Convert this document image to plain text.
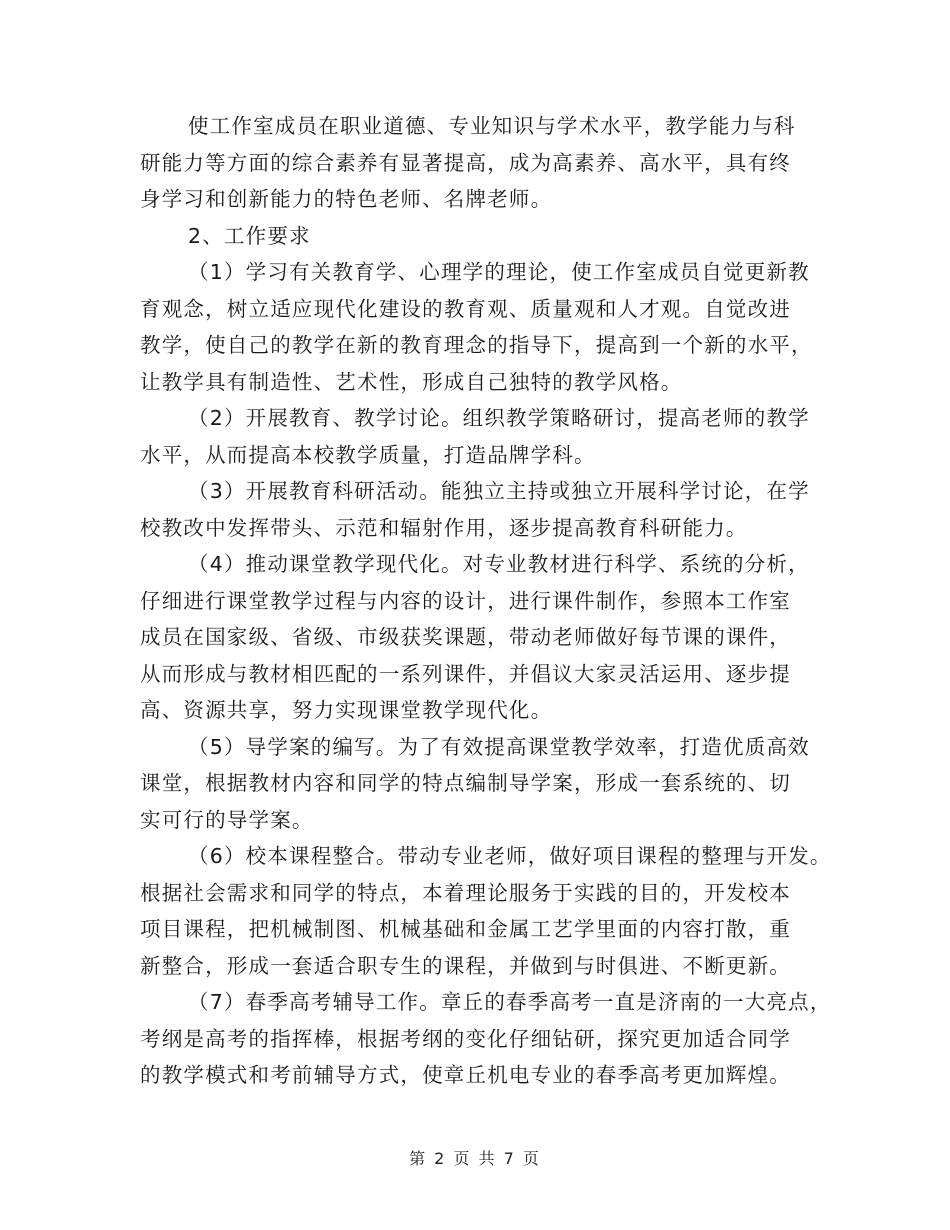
使工作室成员在职业道德、专业知识与学术水平，教学能力与科
研能力等方面的综合素养有显著提高，成为高素养、高水平，具有终
身学习和创新能力的特色老师、名牌老师。
2、工作要求
（1）学习有关教育学、心理学的理论，使工作室成员自觉更新教
育观念，树立适应现代化建设的教育观、质量观和人才观。自觉改进
教学，使自己的教学在新的教育理念的指导下，提高到一个新的水平，
让教学具有制造性、艺术性，形成自己独特的教学风格。
（2）开展教育、教学讨论。组织教学策略研讨，提高老师的教学
水平，从而提高本校教学质量，打造品牌学科。
（3）开展教育科研活动。能独立主持或独立开展科学讨论，在学
校教改中发挥带头、示范和辐射作用，逐步提高教育科研能力。
（4）推动课堂教学现代化。对专业教材进行科学、系统的分析，
仔细进行课堂教学过程与内容的设计，进行课件制作，参照本工作室
成员在国家级、省级、市级获奖课题，带动老师做好每节课的课件，
从而形成与教材相匹配的一系列课件，并倡议大家灵活运用、逐步提
高、资源共享，努力实现课堂教学现代化。
（5）导学案的编写。为了有效提高课堂教学效率，打造优质高效
课堂，根据教材内容和同学的特点编制导学案，形成一套系统的、切
实可行的导学案。
（6）校本课程整合。带动专业老师，做好项目课程的整理与开发。
根据社会需求和同学的特点，本着理论服务于实践的目的，开发校本
项目课程，把机械制图、机械基础和金属工艺学里面的内容打散，重
新整合，形成一套适合职专生的课程，并做到与时俱进、不断更新。
（7）春季高考辅导工作。章丘的春季高考一直是济南的一大亮点，
考纲是高考的指挥棒，根据考纲的变化仔细钻研，探究更加适合同学
的教学模式和考前辅导方式，使章丘机电专业的春季高考更加辉煌。
第 2 页 共 7 页
